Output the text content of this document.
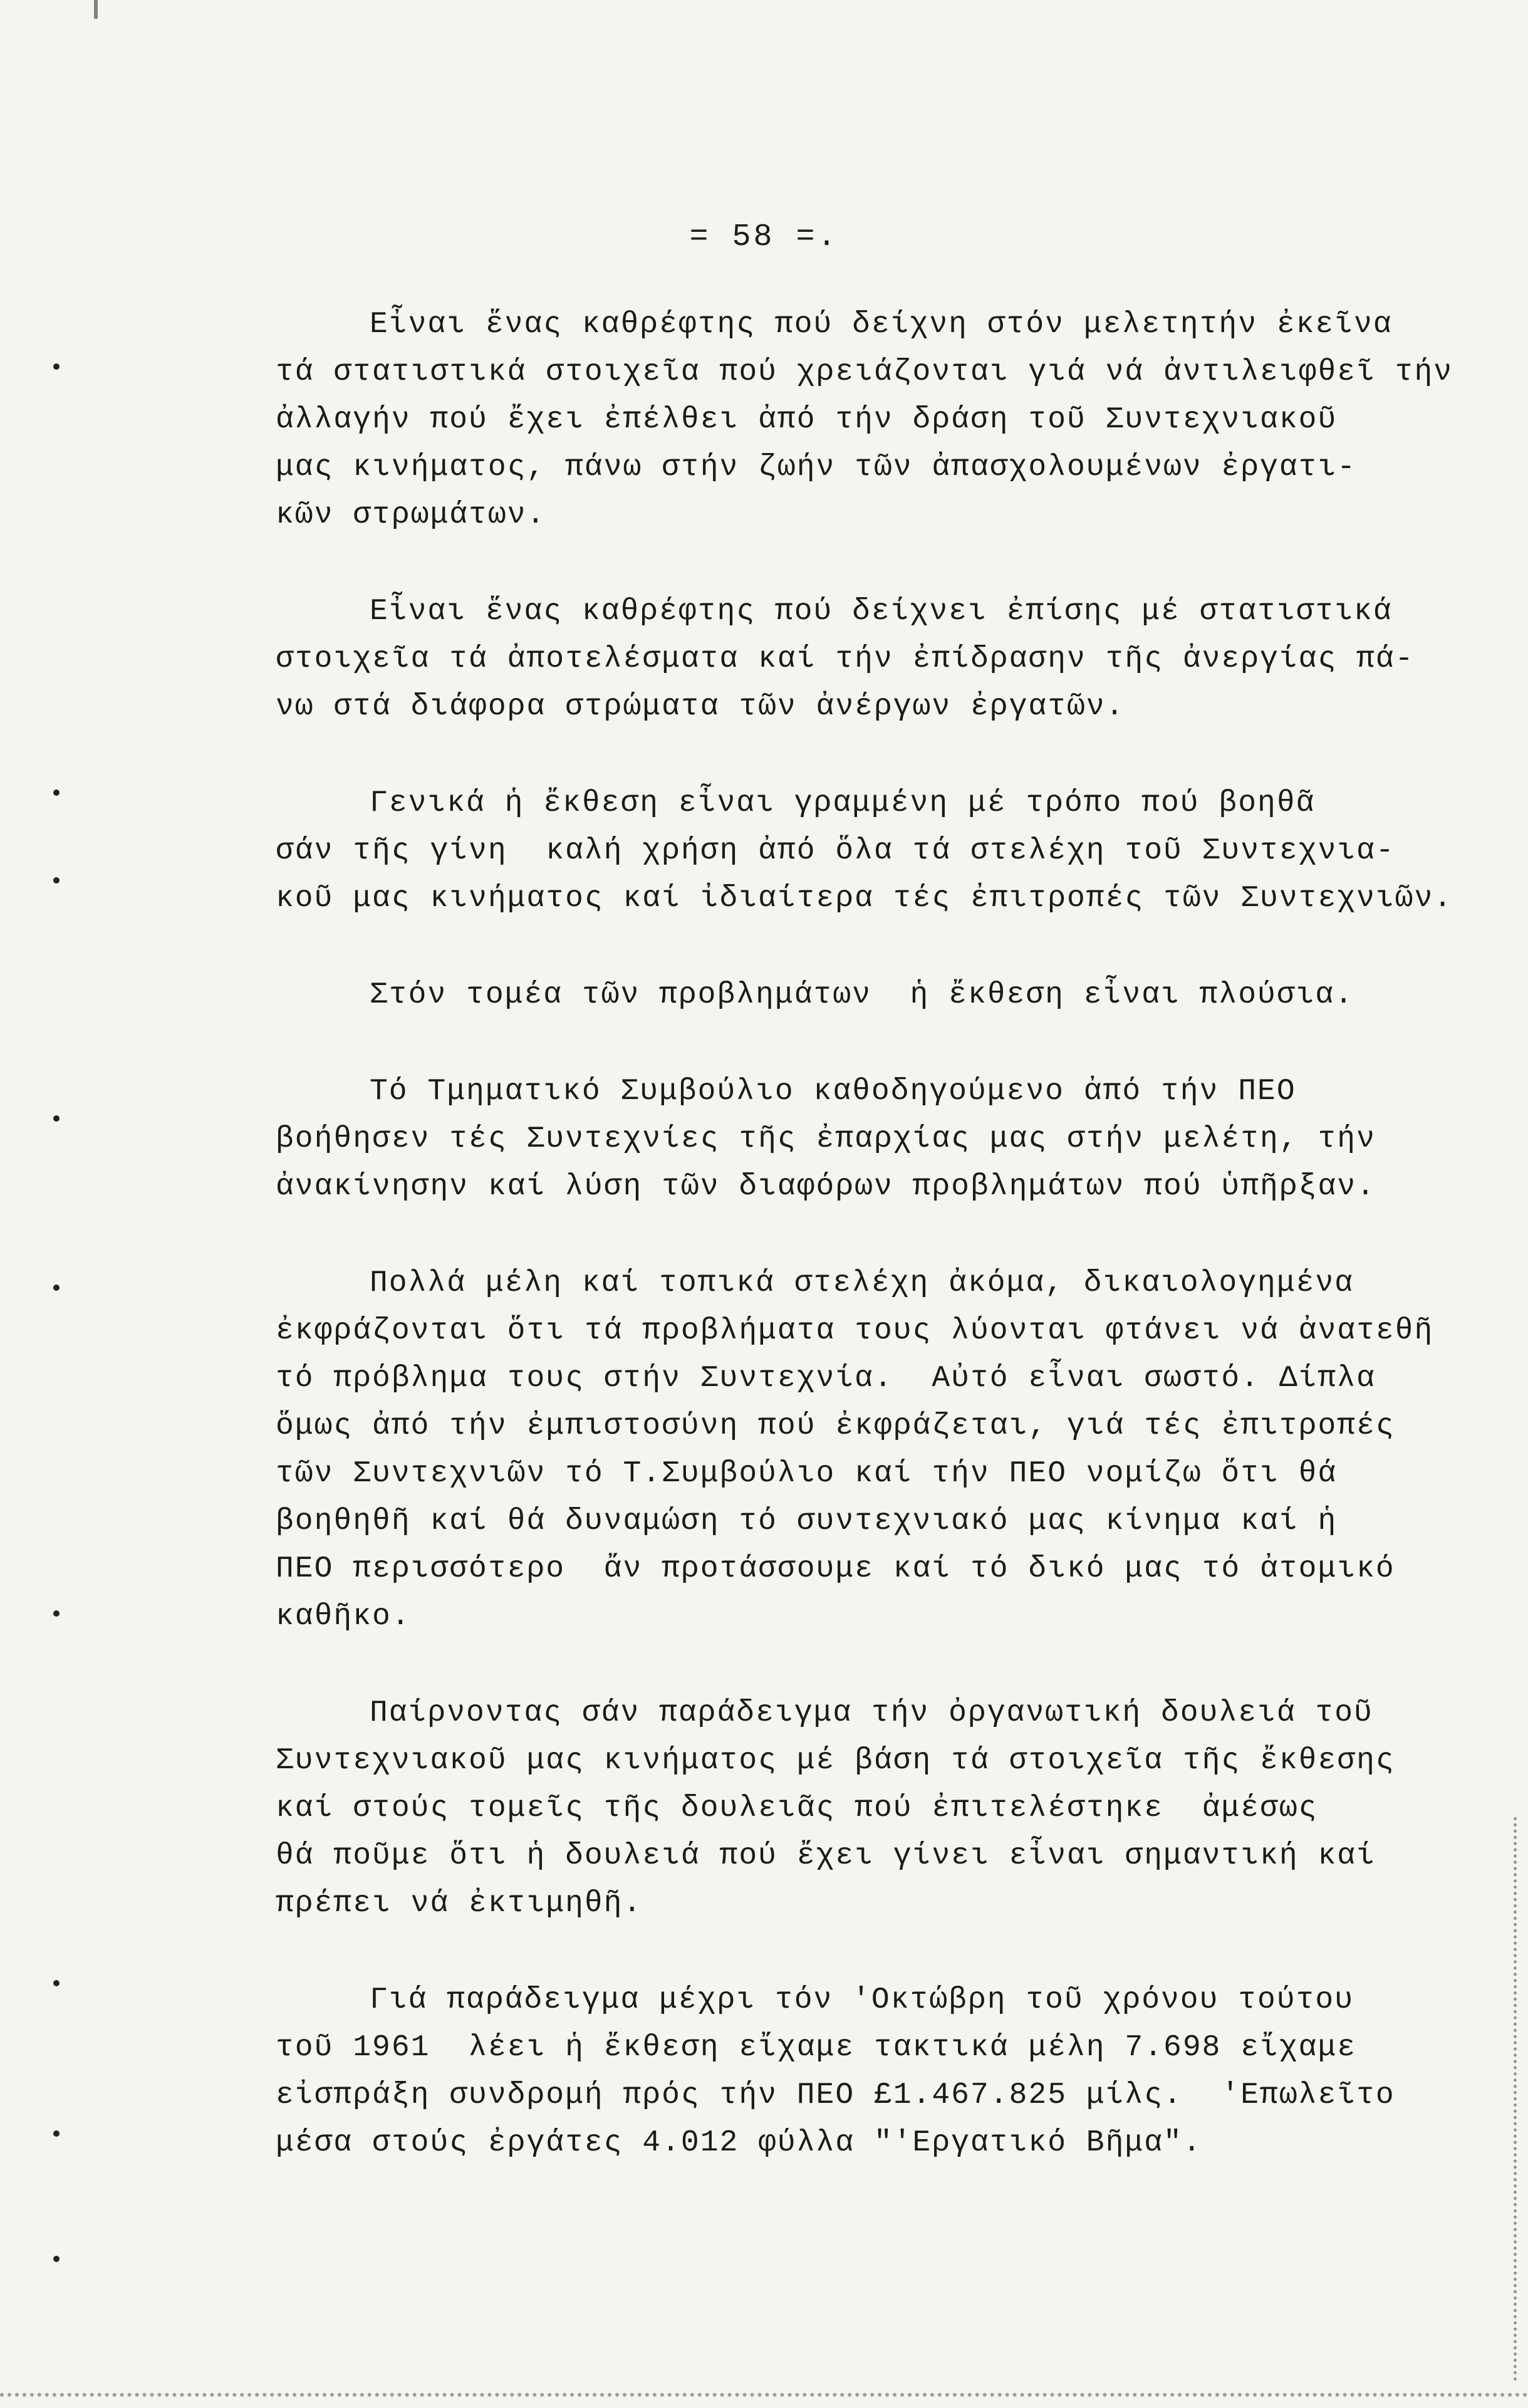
= 58 =.
Εἶναι ἕνας καθρέφτης πού δείχνη στόν μελετητήν ἐκεῖνα
τά στατιστικά στοιχεῖα πού χρειάζονται γιά νά ἀντιλειφθεῖ τήν
ἀλλαγήν πού ἔχει ἐπέλθει ἀπό τήν δράση τοῦ Συντεχνιακοῦ
μας κινήματος, πάνω στήν ζωήν τῶν ἀπασχολουμένων ἐργατι-
κῶν στρωμάτων.
Εἶναι ἕνας καθρέφτης πού δείχνει ἐπίσης μέ στατιστικά
στοιχεῖα τά ἀποτελέσματα καί τήν ἐπίδρασην τῆς ἀνεργίας πά-
νω στά διάφορα στρώματα τῶν ἀνέργων ἐργατῶν.
Γενικά ἡ ἔκθεση εἶναι γραμμένη μέ τρόπο πού βοηθᾶ
σάν τῆς γίνη  καλή χρήση ἀπό ὅλα τά στελέχη τοῦ Συντεχνια-
κοῦ μας κινήματος καί ἰδιαίτερα τές ἐπιτροπές τῶν Συντεχνιῶν.
Στόν τομέα τῶν προβλημάτων  ἡ ἔκθεση εἶναι πλούσια.
Τό Τμηματικό Συμβούλιο καθοδηγούμενο ἀπό τήν ΠΕΟ
βοήθησεν τές Συντεχνίες τῆς ἐπαρχίας μας στήν μελέτη, τήν
ἀνακίνησην καί λύση τῶν διαφόρων προβλημάτων πού ὑπῆρξαν.
Πολλά μέλη καί τοπικά στελέχη ἀκόμα, δικαιολογημένα
ἐκφράζονται ὅτι τά προβλήματα τους λύονται φτάνει νά ἀνατεθῆ
τό πρόβλημα τους στήν Συντεχνία.  Αὐτό εἶναι σωστό. Δίπλα
ὅμως ἀπό τήν ἐμπιστοσύνη πού ἐκφράζεται, γιά τές ἐπιτροπές
τῶν Συντεχνιῶν τό Τ.Συμβούλιο καί τήν ΠΕΟ νομίζω ὅτι θά
βοηθηθῆ καί θά δυναμώση τό συντεχνιακό μας κίνημα καί ἡ
ΠΕΟ περισσότερο  ἄν προτάσσουμε καί τό δικό μας τό ἀτομικό
καθῆκο.
Παίρνοντας σάν παράδειγμα τήν ὀργανωτική δουλειά τοῦ
Συντεχνιακοῦ μας κινήματος μέ βάση τά στοιχεῖα τῆς ἔκθεσης
καί στούς τομεῖς τῆς δουλειᾶς πού ἐπιτελέστηκε  ἀμέσως
θά ποῦμε ὅτι ἡ δουλειά πού ἔχει γίνει εἶναι σημαντική καί
πρέπει νά ἐκτιμηθῆ.
Γιά παράδειγμα μέχρι τόν 'Οκτώβρη τοῦ χρόνου τούτου
τοῦ 1961  λέει ἡ ἔκθεση εἴχαμε τακτικά μέλη 7.698 εἴχαμε
εἰσπράξη συνδρομή πρός τήν ΠΕΟ £1.467.825 μίλς.  'Επωλεῖτο
μέσα στούς ἐργάτες 4.012 φύλλα "'Εργατικό Βῆμα".
